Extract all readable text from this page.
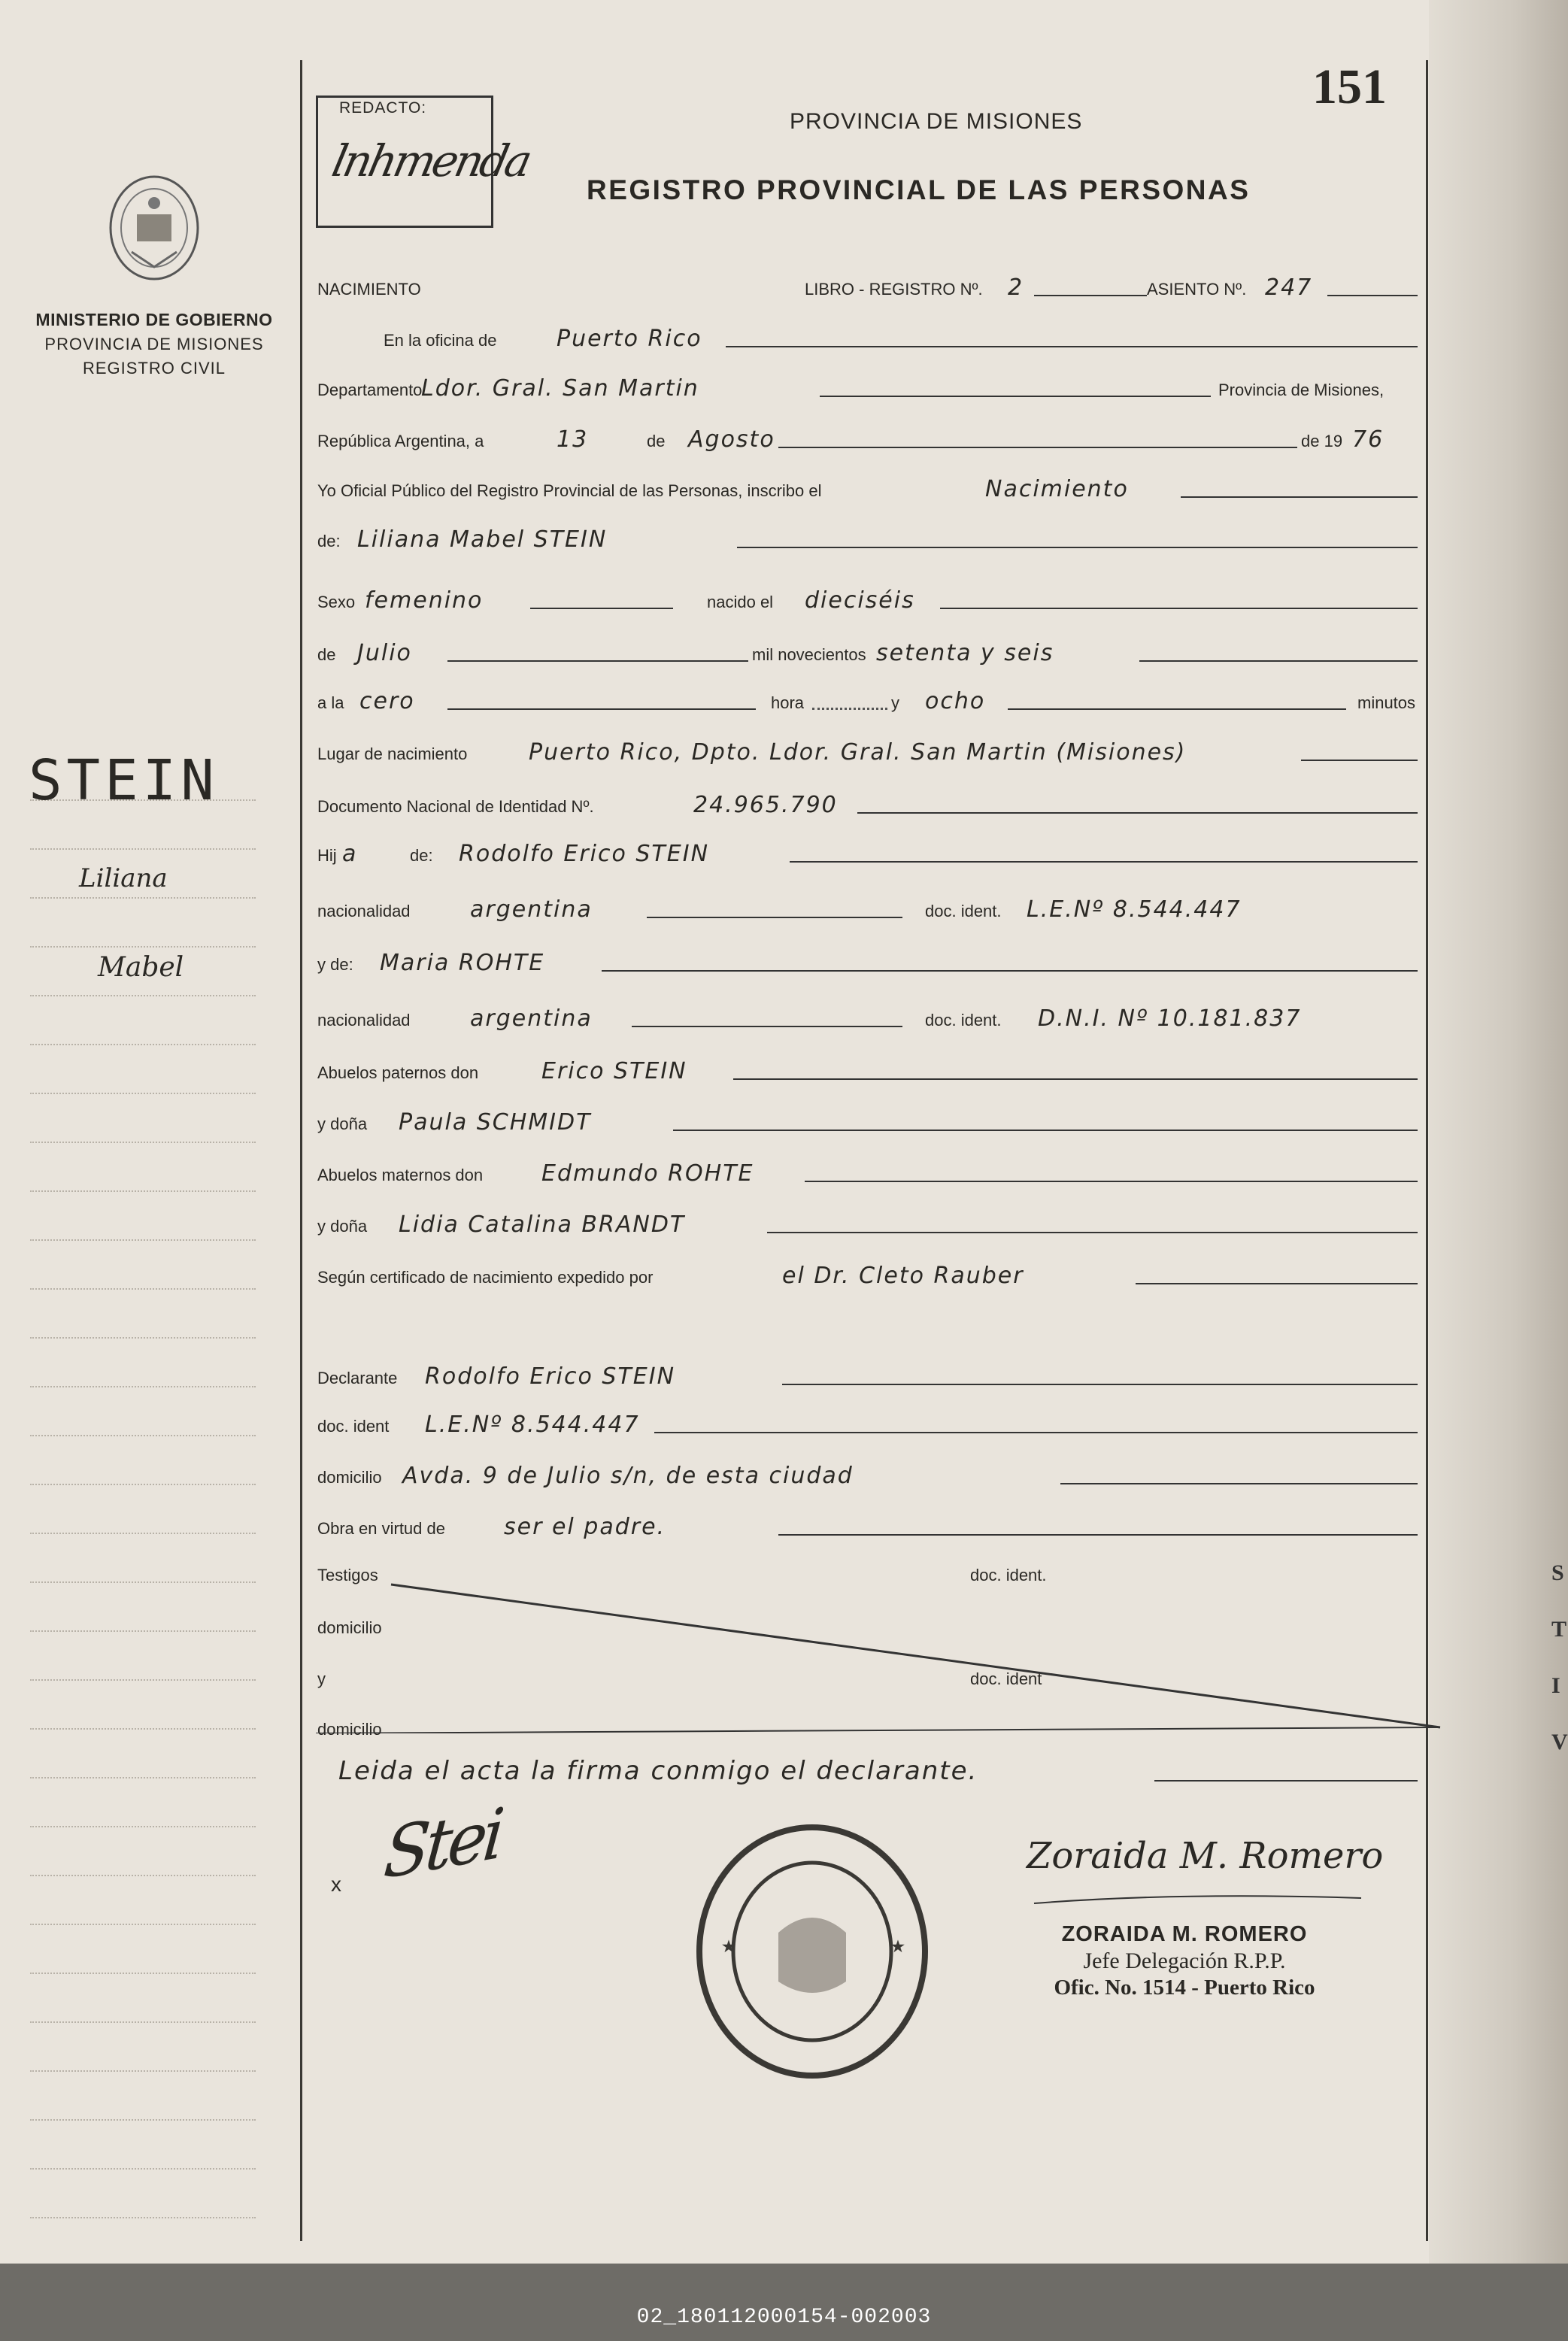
S
T
I
V
02_180112000154-002003
MINISTERIO DE GOBIERNO
PROVINCIA DE MISIONES
REGISTRO CIVIL
STEIN
Liliana
Mabel
REDACTO:
lnhmenda
151
PROVINCIA DE MISIONES
REGISTRO PROVINCIAL DE LAS PERSONAS
NACIMIENTO	LIBRO - REGISTRO Nº. 2	ASIENTO Nº. 247
En la oficina de	Puerto Rico
Departamento
Ldor. Gral. San Martin	Provincia de Misiones,
República Argentina, a	13	de Agosto	de 19 76
Yo Oficial Público del Registro Provincial de las Personas, inscribo el	Nacimiento
de: Liliana Mabel STEIN
Sexo femenino	nacido el dieciséis
de Julio	mil novecientos setenta y seis
a la cero	hora	y ocho	minutos
Lugar de nacimiento	Puerto Rico, Dpto. Ldor. Gral. San Martin (Misiones)
Documento Nacional de Identidad Nº.	24.965.790
Hij a	de: Rodolfo Erico STEIN
nacionalidad	argentina	doc. ident. L.E.Nº 8.544.447
y de: Maria ROHTE
nacionalidad	argentina	doc. ident. D.N.I. Nº 10.181.837
Abuelos paternos don	Erico STEIN
y doña Paula SCHMIDT
Abuelos maternos don	Edmundo ROHTE
y doña Lidia Catalina BRANDT
Según certificado de nacimiento expedido por	el Dr. Cleto Rauber
Declarante Rodolfo Erico STEIN
doc. ident L.E.Nº 8.544.447
domicilio Avda. 9 de Julio s/n, de esta ciudad
Obra en virtud de	ser el padre.
Testigos	doc. ident.
domicilio
y	doc. ident
domicilio
Leida el acta la firma conmigo el declarante.
x Stei
★	★
Zoraida M. Romero
ZORAIDA M. ROMERO
Jefe Delegación R.P.P.
Ofic. No. 1514 - Puerto Rico
